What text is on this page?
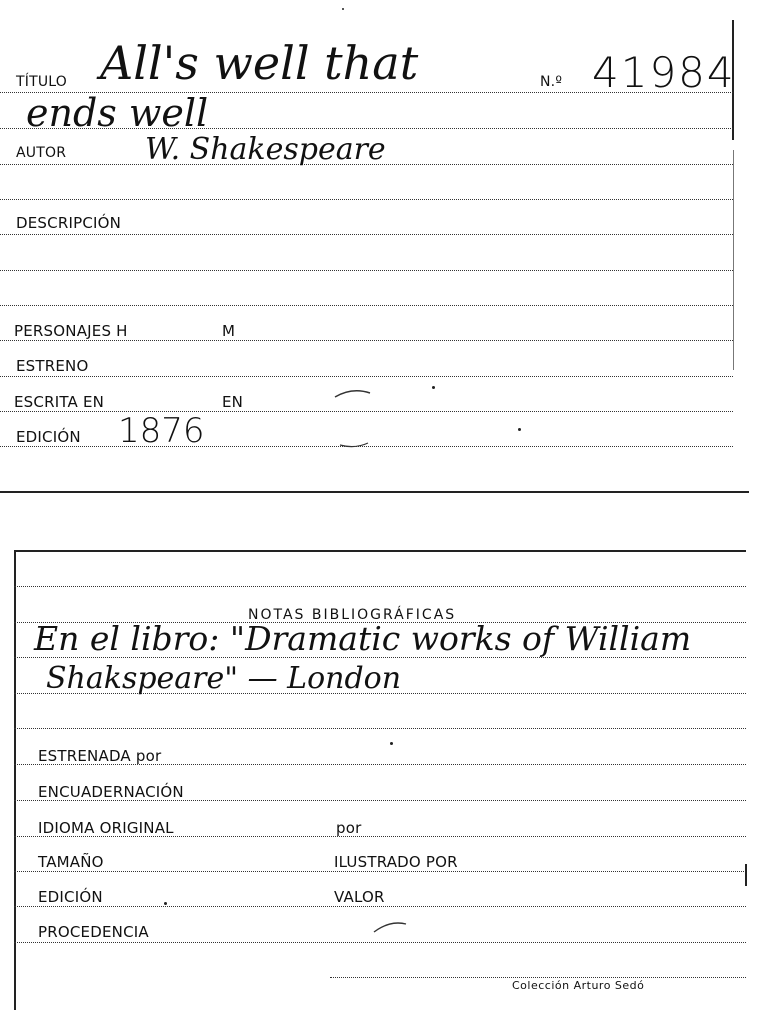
TÍTULO All's well that	N.º 41984
ends well
AUTOR	W. Shakespeare
DESCRIPCIÓN
PERSONAJES H	M
ESTRENO
ESCRITA EN	EN
EDICIÓN 1876
NOTAS BIBLIOGRÁFICAS
En el libro: "Dramatic works of William
Shakspeare" — London
ESTRENADA por
ENCUADERNACIÓN
IDIOMA ORIGINAL	por
TAMAÑO	ILUSTRADO POR
EDICIÓN	VALOR
PROCEDENCIA
Colección Arturo Sedó
